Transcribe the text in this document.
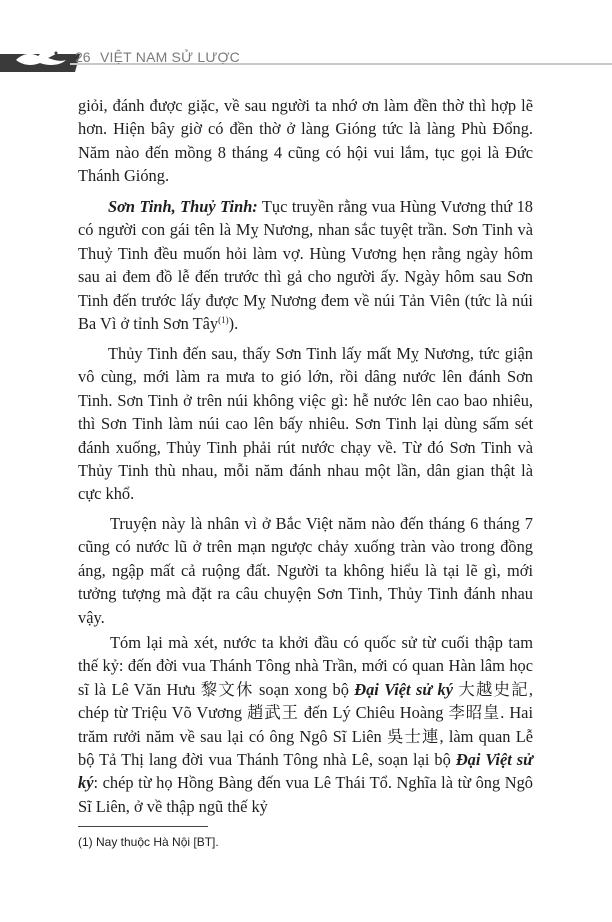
26 VIỆT NAM SỬ LƯỢC

giỏi, đánh được giặc, về sau người ta nhớ ơn làm đền thờ thì hợp lẽ hơn. Hiện bây giờ có đền thờ ở làng Gióng tức là làng Phù Đổng. Năm nào đến mồng 8 tháng 4 cũng có hội vui lắm, tục gọi là Đức Thánh Gióng.

Sơn Tinh, Thuỷ Tinh: Tục truyền rằng vua Hùng Vương thứ 18 có người con gái tên là Mỵ Nương, nhan sắc tuyệt trần. Sơn Tinh và Thuỷ Tinh đều muốn hỏi làm vợ. Hùng Vương hẹn rằng ngày hôm sau ai đem đồ lễ đến trước thì gả cho người ấy. Ngày hôm sau Sơn Tinh đến trước lấy được Mỵ Nương đem về núi Tản Viên (tức là núi Ba Vì ở tỉnh Sơn Tây$^{(1)}$).

Thủy Tinh đến sau, thấy Sơn Tinh lấy mất Mỵ Nương, tức giận vô cùng, mới làm ra mưa to gió lớn, rồi dâng nước lên đánh Sơn Tinh. Sơn Tinh ở trên núi không việc gì: hễ nước lên cao bao nhiêu, thì Sơn Tinh làm núi cao lên bấy nhiêu. Sơn Tinh lại dùng sấm sét đánh xuống, Thủy Tinh phải rút nước chạy về. Từ đó Sơn Tinh và Thủy Tinh thù nhau, mỗi năm đánh nhau một lần, dân gian thật là cực khổ.

Truyện này là nhân vì ở Bắc Việt năm nào đến tháng 6 tháng 7 cũng có nước lũ ở trên mạn ngược chảy xuống tràn vào trong đồng áng, ngập mất cả ruộng đất. Người ta không hiểu là tại lẽ gì, mới tưởng tượng mà đặt ra câu chuyện Sơn Tinh, Thủy Tinh đánh nhau vậy.

Tóm lại mà xét, nước ta khởi đầu có quốc sử từ cuối thập tam thế kỷ: đến đời vua Thánh Tông nhà Trần, mới có quan Hàn lâm học sĩ là Lê Văn Hưu 黎文休 soạn xong bộ Đại Việt sử ký 大越史記, chép từ Triệu Võ Vương 趙武王 đến Lý Chiêu Hoàng 李昭皇. Hai trăm rưởi năm về sau lại có ông Ngô Sĩ Liên 吳士連, làm quan Lễ bộ Tả Thị lang đời vua Thánh Tông nhà Lê, soạn lại bộ Đại Việt sử ký: chép từ họ Hồng Bàng đến vua Lê Thái Tổ. Nghĩa là từ ông Ngô Sĩ Liên, ở về thập ngũ thế kỷ

(1) Nay thuộc Hà Nội [BT].
